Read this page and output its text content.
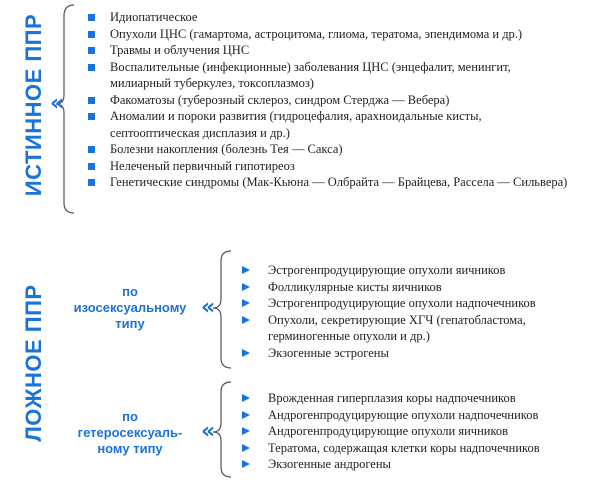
ИСТИННОЕ ППР «
Идиопатическое
Опухоли ЦНС (гамартома, астроцитома, глиома, тератома, эпендимома и др.)
Травмы и облучения ЦНС
Воспалительные (инфекционные) заболевания ЦНС (энцефалит, менингит,
милиарный туберкулез, токсоплазмоз)
Факоматозы (туберозный склероз, синдром Стерджа — Вебера)
Аномалии и пороки развития (гидроцефалия, арахноидальные кисты,
септооптическая дисплазия и др.)
Болезни накопления (болезнь Тея — Сакса)
Нелеченый первичный гипотиреоз
Генетические синдромы (Мак-Кьюна — Олбрайта — Брайцева, Рассела — Сильвера)
ЛОЖНОЕ ППР	по
изосексуальному
типу
«
Эстрогенпродуцирующие опухоли яичников
Фолликулярные кисты яичников
Эстрогенпродуцирующие опухоли надпочечников
Опухоли, секретирующие ХГЧ (гепатобластома,
герминогенные опухоли и др.)
Экзогенные эстрогены
по
гетеросексуаль-
ному типу
«
Врожденная гиперплазия коры надпочечников
Андрогенпродуцирующие опухоли надпочечников
Андрогенпродуцирующие опухоли яичников
Тератома, содержащая клетки коры надпочечников
Экзогенные андрогены
